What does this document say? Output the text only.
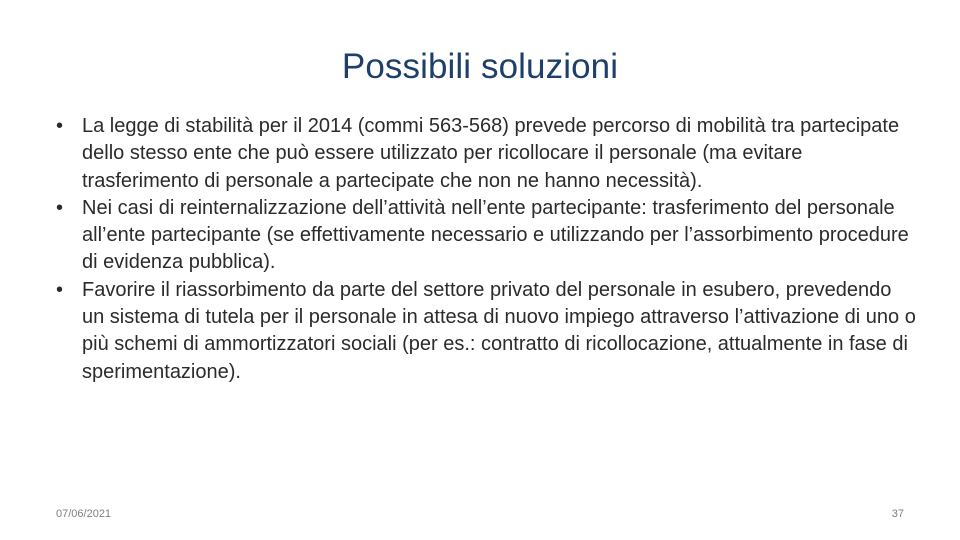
Possibili soluzioni
• La legge di stabilità per il 2014 (commi 563-568) prevede percorso di mobilità tra partecipate dello stesso ente che può essere utilizzato per ricollocare il personale (ma evitare trasferimento di personale a partecipate che non ne hanno necessità).
• Nei casi di reinternalizzazione dell’attività nell’ente partecipante: trasferimento del personale all’ente partecipante (se effettivamente necessario e utilizzando per l’assorbimento procedure di evidenza pubblica).
• Favorire il riassorbimento da parte del settore privato del personale in esubero, prevedendo un sistema di tutela per il personale in attesa di nuovo impiego attraverso l’attivazione di uno o più schemi di ammortizzatori sociali (per es.: contratto di ricollocazione, attualmente in fase di sperimentazione).
07/06/2021	37
